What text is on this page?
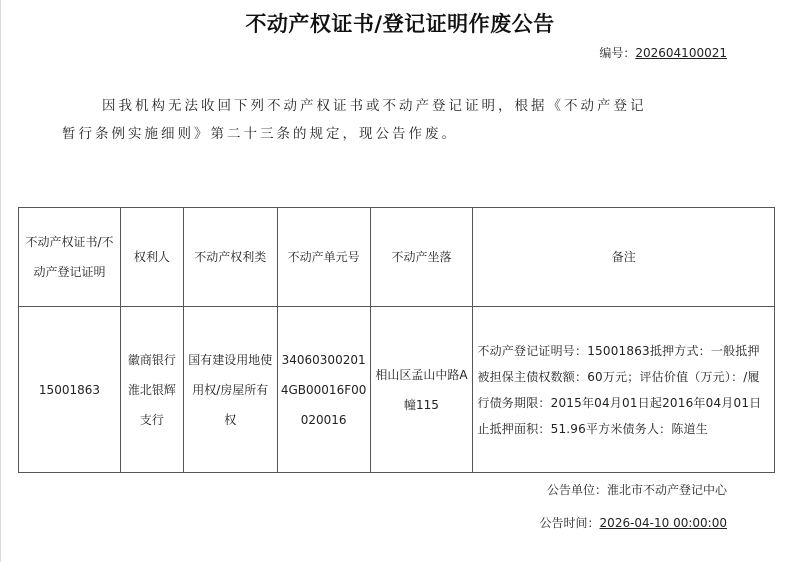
不动产权证书/登记证明作废公告
编号：202604100021
因我机构无法收回下列不动产权证书或不动产登记证明，根据《不动产登记
暂行条例实施细则》第二十三条的规定，现公告作废。
不动产权证书/不动产登记证明	权利人	不动产权利类	不动产单元号	不动产坐落	备注
15001863	徽商银行淮北银辉支行	国有建设用地使用权/房屋所有权	340603002014GB00016F00020016	相山区孟山中路A幢115	不动产登记证明号：15001863抵押方式：一般抵押被担保主债权数额：60万元；评估价值（万元）：/履行债务期限：2015年04月01日起2016年04月01日止抵押面积：51.96平方米债务人：陈道生
公告单位：淮北市不动产登记中心
公告时间：2026-04-10 00:00:00
